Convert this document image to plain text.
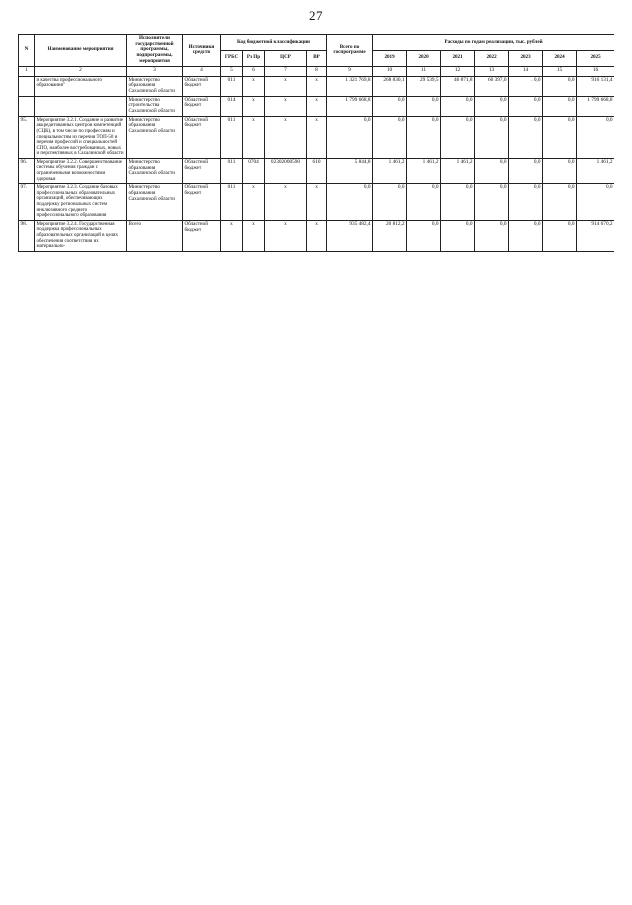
27
N	Наименование мероприятия	Исполнители государственной программы, подпрограммы, мероприятия	Источники средств	Код бюджетной классификации				Всего по госпрограмме	Расходы по годам реализации, тыс. рублей						
				ГРБС	Рз Пр	ЦСР	ВР		2019	2020	2021	2022	2023	2024	2025
1	2	3	4	5	6	7	8	9	10	11	12	13	14	15	16
	и качества профессионального образования"	Министерство образования Сахалинской области	Областной бюджет	011	x	x	x	1 321 769,8	268 830,1	29 539,5	46 871,8	60 397,0	. 0,0	0,0	916 131,4
		Министерство строительства Сахалинской области	Областной бюджет	014	x	x	x	1 799 668,8	0,0	0,0	0,0	0,0	0,0	0,0	1 799 668,8
95.	Мероприятие 3.2.1. Создание и развитие аккредитованных центров компетенций (СЦК), в том числе по профессиям и специальностям из перечня ТОП-50 и перечня профессий и специальностей СПО, наиболее востребованных, новых и перспективных в Сахалинской области	Министерство образования Сахалинской области	Областной бюджет	011	x	x	x	0,0	0,0	0,0	0,0	0,0	0,0	0,0	0,0
96.	Мероприятие 3.2.2. Совершенствование системы обучения граждан с ограниченными возможностями здоровья	Министерство образования Сахалинской области	Областной бюджет	011	0704	02302000590	610	5 844,8	1 461,2	1 461,2	1 461,2	0,0	0,0	0,0	1 461,2
97.	Мероприятие 3.2.3. Создание базовых профессиональных образовательных организаций, обеспечивающих поддержку региональных систем инклюзивного среднего профессионального образования	Министерство образования Сахалинской области	Областной бюджет	011	x	x	x	0,0	0,0	0,0	0,0	0,0	0,0	0,0	0,0
98.	Мероприятие 3.2.4. Государственная поддержка профессиональных образовательных организаций в целях обеспечения соответствия их материально-	Всего	Областной бюджет	x	x	x	x	935 482,4	20 812,2	0,0	0,0	0,0	0,0	0,0	914 670,2
